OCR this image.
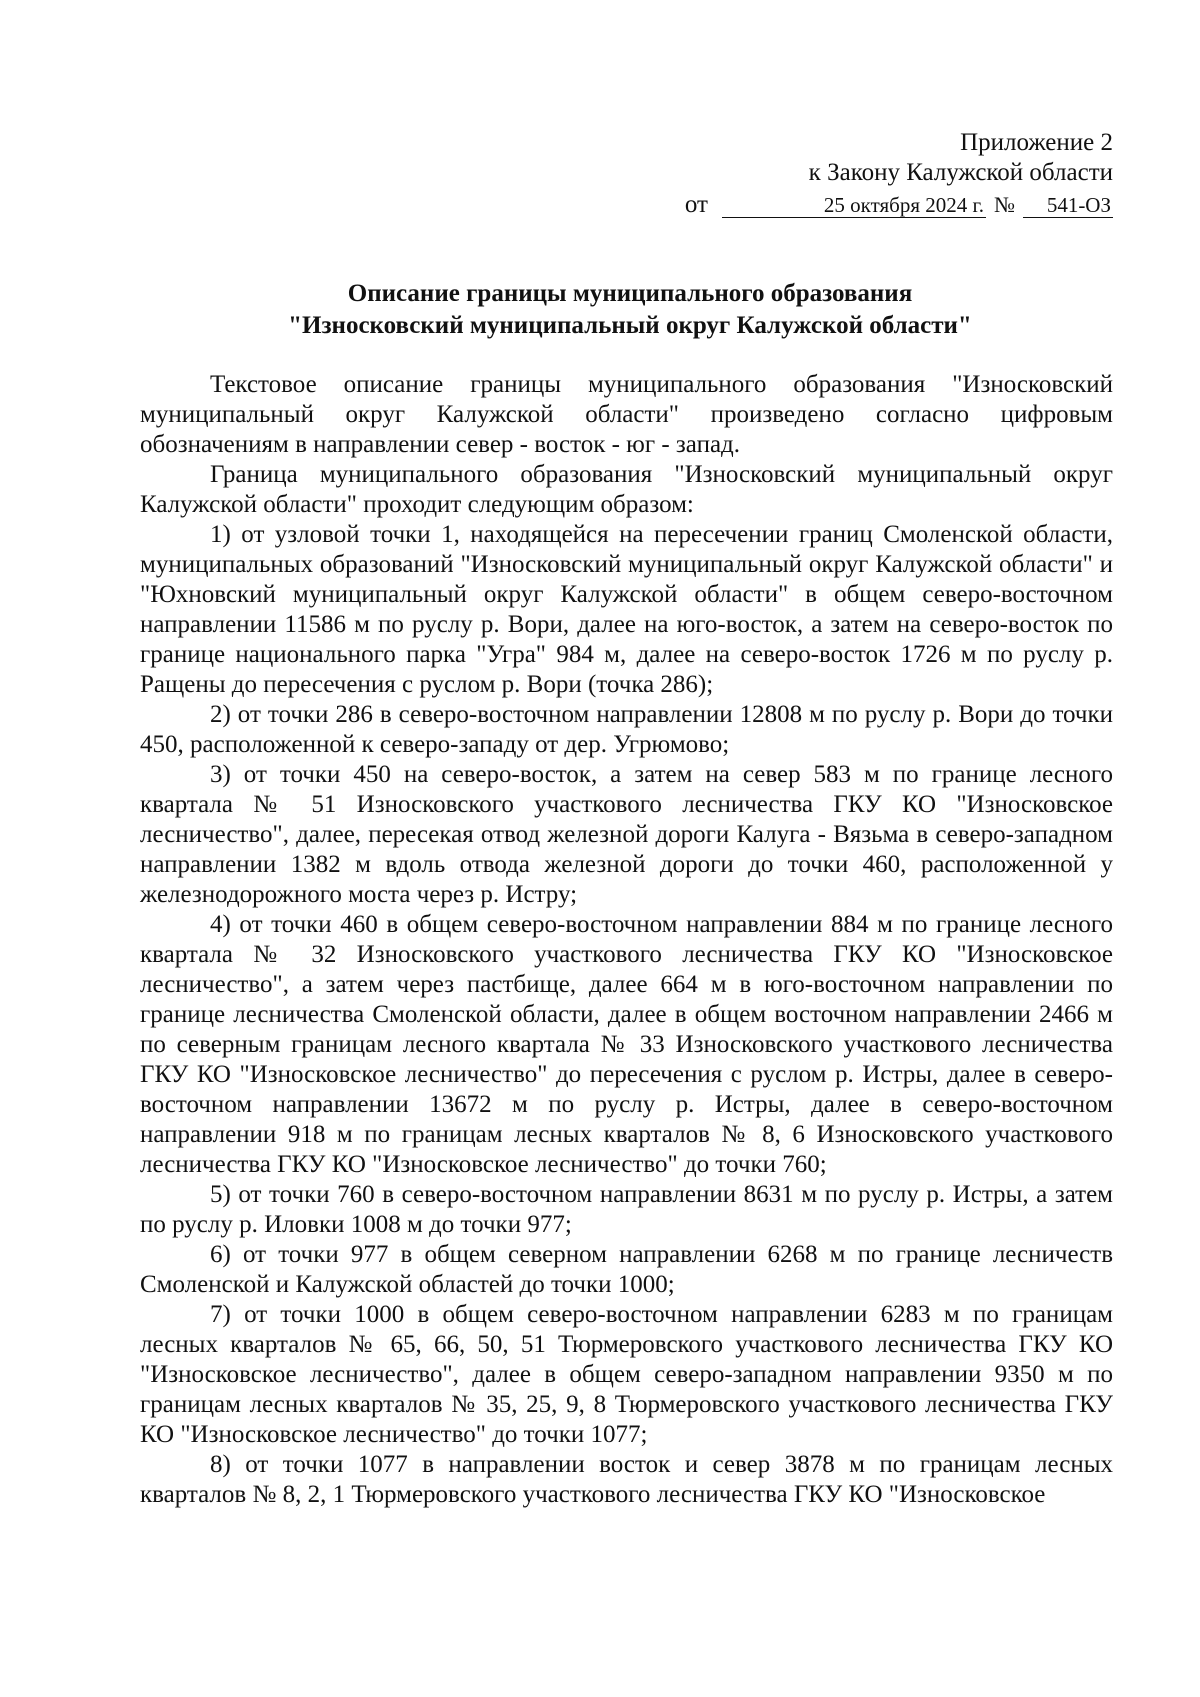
Приложение 2
к Закону Калужской области
от	25 октября 2024 г. № 541-ОЗ
Описание границы муниципального образования
"Износковский муниципальный округ Калужской области"

Текстовое описание границы муниципального образования "Износковский муниципальный округ Калужской области" произведено согласно цифровым обозначениям в направлении север - восток - юг - запад.

Граница муниципального образования "Износковский муниципальный округ Калужской области" проходит следующим образом:

1) от узловой точки 1, находящейся на пересечении границ Смоленской области, муниципальных образований "Износковский муниципальный округ Калужской области" и "Юхновский муниципальный округ Калужской области" в общем северо-восточном направлении 11586 м по руслу р. Вори, далее на юго-восток, а затем на северо-восток по границе национального парка "Угра" 984 м, далее на северо-восток 1726 м по руслу р. Ращены до пересечения с руслом р. Вори (точка 286);

2) от точки 286 в северо-восточном направлении 12808 м по руслу р. Вори до точки 450, расположенной к северо-западу от дер. Угрюмово;

3) от точки 450 на северо-восток, а затем на север 583 м по границе лесного квартала № 51 Износковского участкового лесничества ГКУ КО "Износковское лесничество", далее, пересекая отвод железной дороги Калуга - Вязьма в северо-западном направлении 1382 м вдоль отвода железной дороги до точки 460, расположенной у железнодорожного моста через р. Истру;

4) от точки 460 в общем северо-восточном направлении 884 м по границе лесного квартала № 32 Износковского участкового лесничества ГКУ КО "Износковское лесничество", а затем через пастбище, далее 664 м в юго-восточном направлении по границе лесничества Смоленской области, далее в общем восточном направлении 2466 м по северным границам лесного квартала № 33 Износковского участкового лесничества ГКУ КО "Износковское лесничество" до пересечения с руслом р. Истры, далее в северо-восточном направлении 13672 м по руслу р. Истры, далее в северо-восточном направлении 918 м по границам лесных кварталов № 8, 6 Износковского участкового лесничества ГКУ КО "Износковское лесничество" до точки 760;

5) от точки 760 в северо-восточном направлении 8631 м по руслу р. Истры, а затем по руслу р. Иловки 1008 м до точки 977;

6) от точки 977 в общем северном направлении 6268 м по границе лесничеств Смоленской и Калужской областей до точки 1000;

7) от точки 1000 в общем северо-восточном направлении 6283 м по границам лесных кварталов № 65, 66, 50, 51 Тюрмеровского участкового лесничества ГКУ КО "Износковское лесничество", далее в общем северо-западном направлении 9350 м по границам лесных кварталов № 35, 25, 9, 8 Тюрмеровского участкового лесничества ГКУ КО "Износковское лесничество" до точки 1077;

8) от точки 1077 в направлении восток и север 3878 м по границам лесных кварталов № 8, 2, 1 Тюрмеровского участкового лесничества ГКУ КО "Износковское
